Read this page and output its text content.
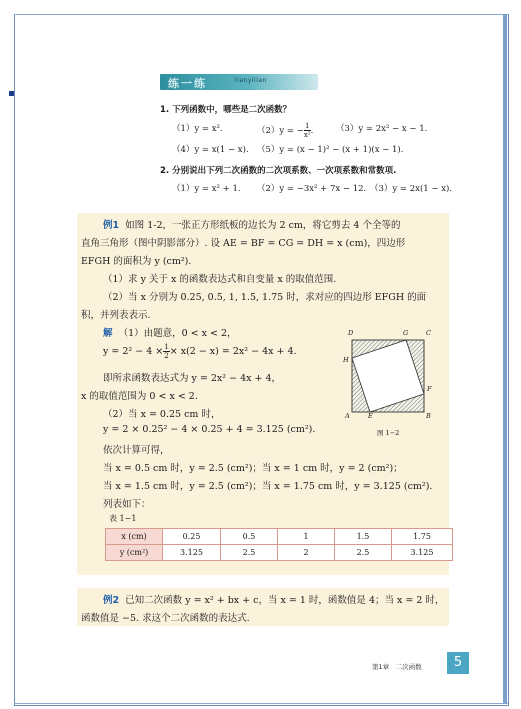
练一练	lianyilian
1. 下列函数中，哪些是二次函数？
（1）y = x².	（2）y = − $\frac{1}{\text{x²}}$ .	（3）y = 2x² − x − 1.
（4）y = x(1 − x). （5）y = (x − 1)² − (x + 1)(x − 1).
2. 分别说出下列二次函数的二次项系数、一次项系数和常数项.
（1）y = x² + 1. （2）y = −3x² + 7x − 12. （3）y = 2x(1 − x).
例1 如图 1-2，一张正方形纸板的边长为 2 cm，将它剪去 4 个全等的
直角三角形（图中阴影部分）. 设 AE = BF = CG = DH = x (cm)，四边形
EFGH 的面积为 y (cm²).
（1）求 y 关于 x 的函数表达式和自变量 x 的取值范围.
（2）当 x 分别为 0.25, 0.5, 1, 1.5, 1.75 时，求对应的四边形 EFGH 的面
积，并列表表示.
解 （1）由题意，0 < x < 2，
$y = 2^2 - 4 \times \frac{1}{2} \times x(2 - x) = 2x^2 - 4x + 4$.
即所求函数表达式为 y = 2x² − 4x + 4，
x 的取值范围为 0 < x < 2.
（2）当 x = 0.25 cm 时，
y = 2 × 0.25² − 4 × 0.25 + 4 = 3.125 (cm²).
依次计算可得，
当 x = 0.5 cm 时，y = 2.5 (cm²)；当 x = 1 cm 时，y = 2 (cm²)；
当 x = 1.5 cm 时，y = 2.5 (cm²)；当 x = 1.75 cm 时，y = 3.125 (cm²).
列表如下：
表 1−1
x (cm)	0.25	0.5	1	1.5	1.75
y (cm²)	3.125	2.5	2	2.5	3.125
D	G	C
H
F
A	E	B
图 1−2
例2 已知二次函数 y = x² + bx + c，当 x = 1 时，函数值是 4；当 x = 2 时，
函数值是 −5. 求这个二次函数的表达式.
第1章　二次函数	5
